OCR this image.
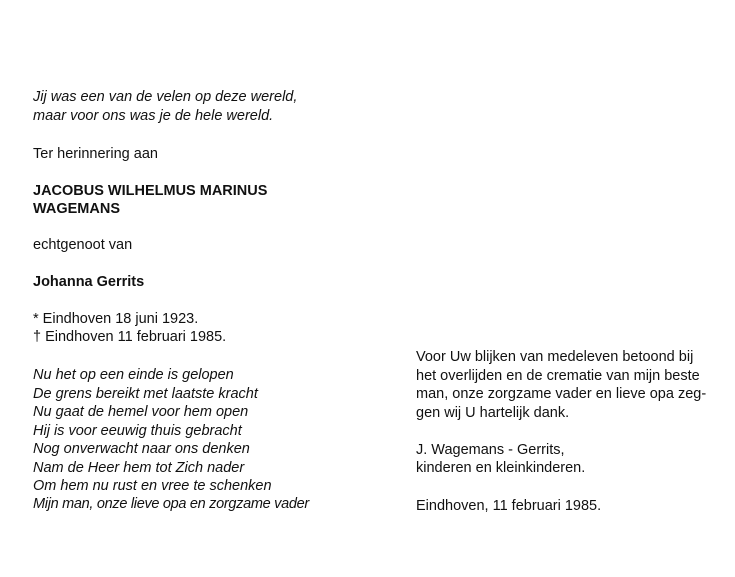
Jij was een van de velen op deze wereld,
maar voor ons was je de hele wereld.
Ter herinnering aan
JACOBUS WILHELMUS MARINUS
WAGEMANS
echtgenoot van
Johanna Gerrits
* Eindhoven 18 juni 1923.
† Eindhoven 11 februari 1985.
Nu het op een einde is gelopen
De grens bereikt met laatste kracht
Nu gaat de hemel voor hem open
Hij is voor eeuwig thuis gebracht
Nog onverwacht naar ons denken
Nam de Heer hem tot Zich nader
Om hem nu rust en vree te schenken
Mijn man, onze lieve opa en zorgzame vader
Voor Uw blijken van medeleven betoond bij
het overlijden en de crematie van mijn beste
man, onze zorgzame vader en lieve opa zeg-
gen wij U hartelijk dank.
J. Wagemans - Gerrits,
kinderen en kleinkinderen.
Eindhoven, 11 februari 1985.
